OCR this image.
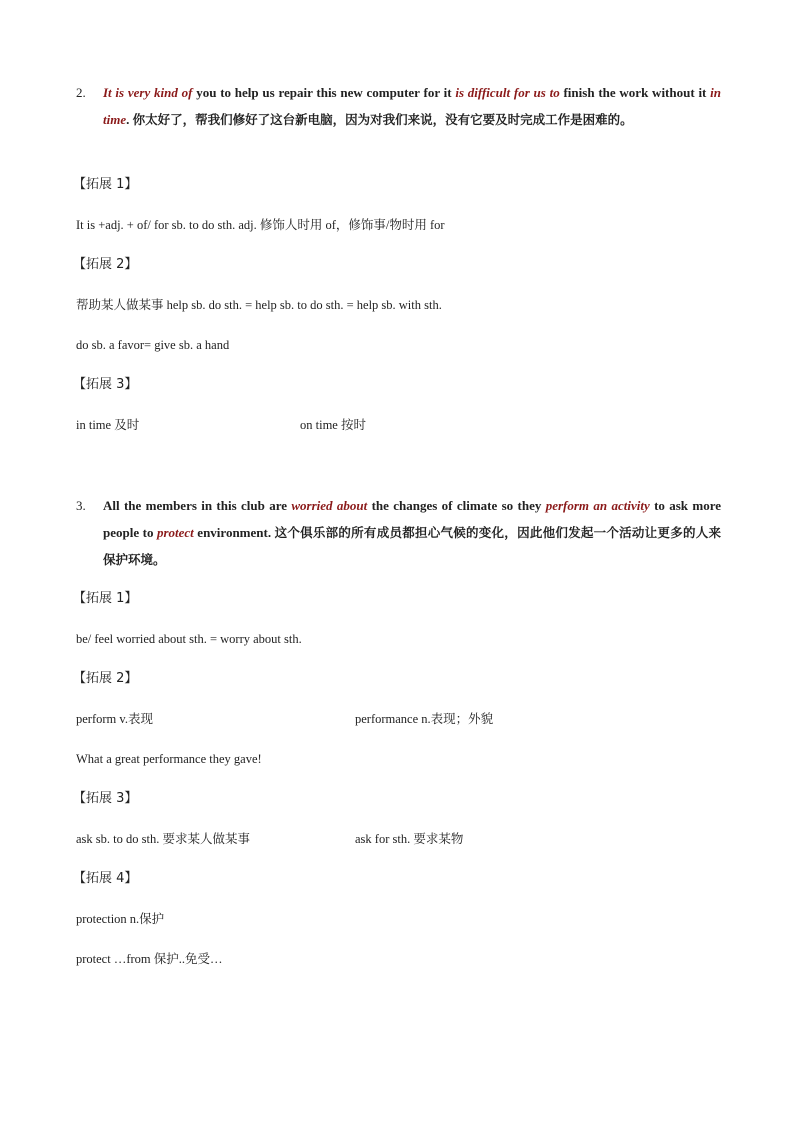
2. It is very kind of you to help us repair this new computer for it is difficult for us to finish the work without it in time. 你太好了，帮我们修好了这台新电脑，因为对我们来说，没有它要及时完成工作是困难的。
【拓展 1】
It is +adj. + of/ for sb. to do sth. adj. 修饰人时用 of，修饰事/物时用 for
【拓展 2】
帮助某人做某事 help sb. do sth. = help sb. to do sth. = help sb. with sth.
do sb. a favor= give sb. a hand
【拓展 3】
in time 及时	on time 按时
3. All the members in this club are worried about the changes of climate so they perform an activity to ask more people to protect environment. 这个俱乐部的所有成员都担心气候的变化，因此他们发起一个活动让更多的人来保护环境。
【拓展 1】
be/ feel worried about sth. = worry about sth.
【拓展 2】
perform v.表现	performance n.表现；外貌
What a great performance they gave!
【拓展 3】
ask sb. to do sth. 要求某人做某事	ask for sth. 要求某物
【拓展 4】
protection n.保护
protect …from 保护..免受…
